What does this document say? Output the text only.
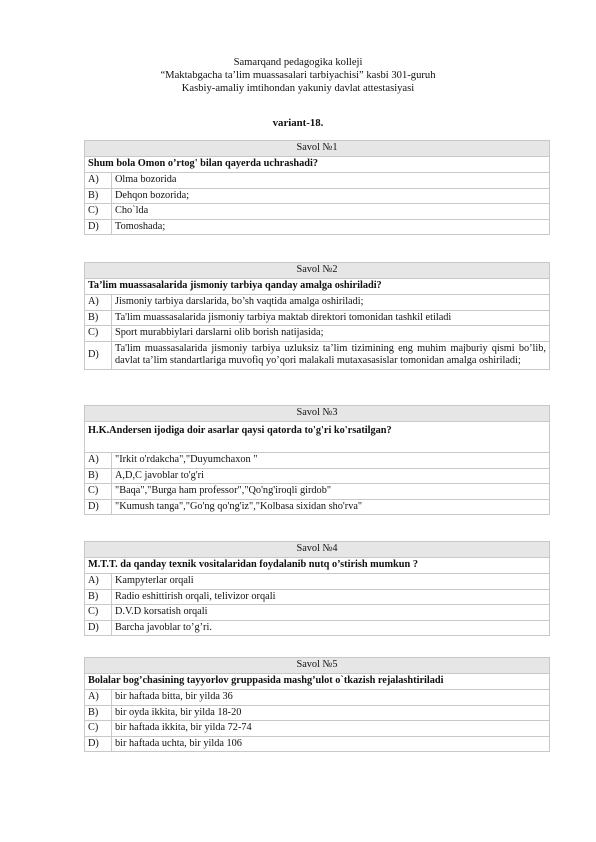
Samarqand pedagogika kolleji
“Maktabgacha ta’lim muassasalari tarbiyachisi” kasbi 301-guruh
Kasbiy-amaliy imtihondan yakuniy davlat attestasiyasi
variant-18.
Savol №1	
Shum bola Omon o’rtog' bilan qayerda uchrashadi?	
A)	Olma bozorida
B)	Dehqon bozorida;
C)	Cho`lda
D)	Tomoshada;
Savol №2	
Ta’lim muassasalarida jismoniy tarbiya qanday amalga oshiriladi?	
A)	Jismoniy tarbiya darslarida, bo’sh vaqtida amalga oshiriladi;
B)	Ta'lim muassasalarida jismoniy tarbiya maktab direktori tomonidan tashkil etiladi
C)	Sport murabbiylari darslarni olib borish natijasida;
D)	Ta'lim muassasalarida jismoniy tarbiya uzluksiz ta’lim tizimining eng muhim majburiy qismi bo’lib, davlat ta’lim standartlariga muvofiq yo’qori malakali mutaxasasislar tomonidan amalga oshiriladi;
Savol №3	
H.K.Andersen ijodiga doir asarlar qaysi qatorda to'g'ri ko'rsatilgan?	
A)	"Irkit o'rdakcha","Duyumchaxon "
B)	A,D,C javoblar to'g'ri
C)	"Baqa","Burga ham professor","Qo'ng'iroqli girdob"
D)	"Kumush tanga","Go'ng qo'ng'iz","Kolbasa sixidan sho'rva"
Savol №4	
M.T.T. da qanday texnik vositalaridan foydalanib nutq o’stirish mumkun ?	
A)	Kampyterlar orqali
B)	Radio eshittirish orqali, telivizor orqali
C)	D.V.D korsatish orqali
D)	Barcha javoblar to’g’ri.
Savol №5	
Bolalar bog’chasining tayyorlov gruppasida mashg’ulot o`tkazish rejalashtiriladi	
A)	bir haftada bitta, bir yilda 36
B)	bir oyda ikkita, bir yilda 18-20
C)	bir haftada ikkita, bir yilda 72-74
D)	bir haftada uchta, bir yilda 106
